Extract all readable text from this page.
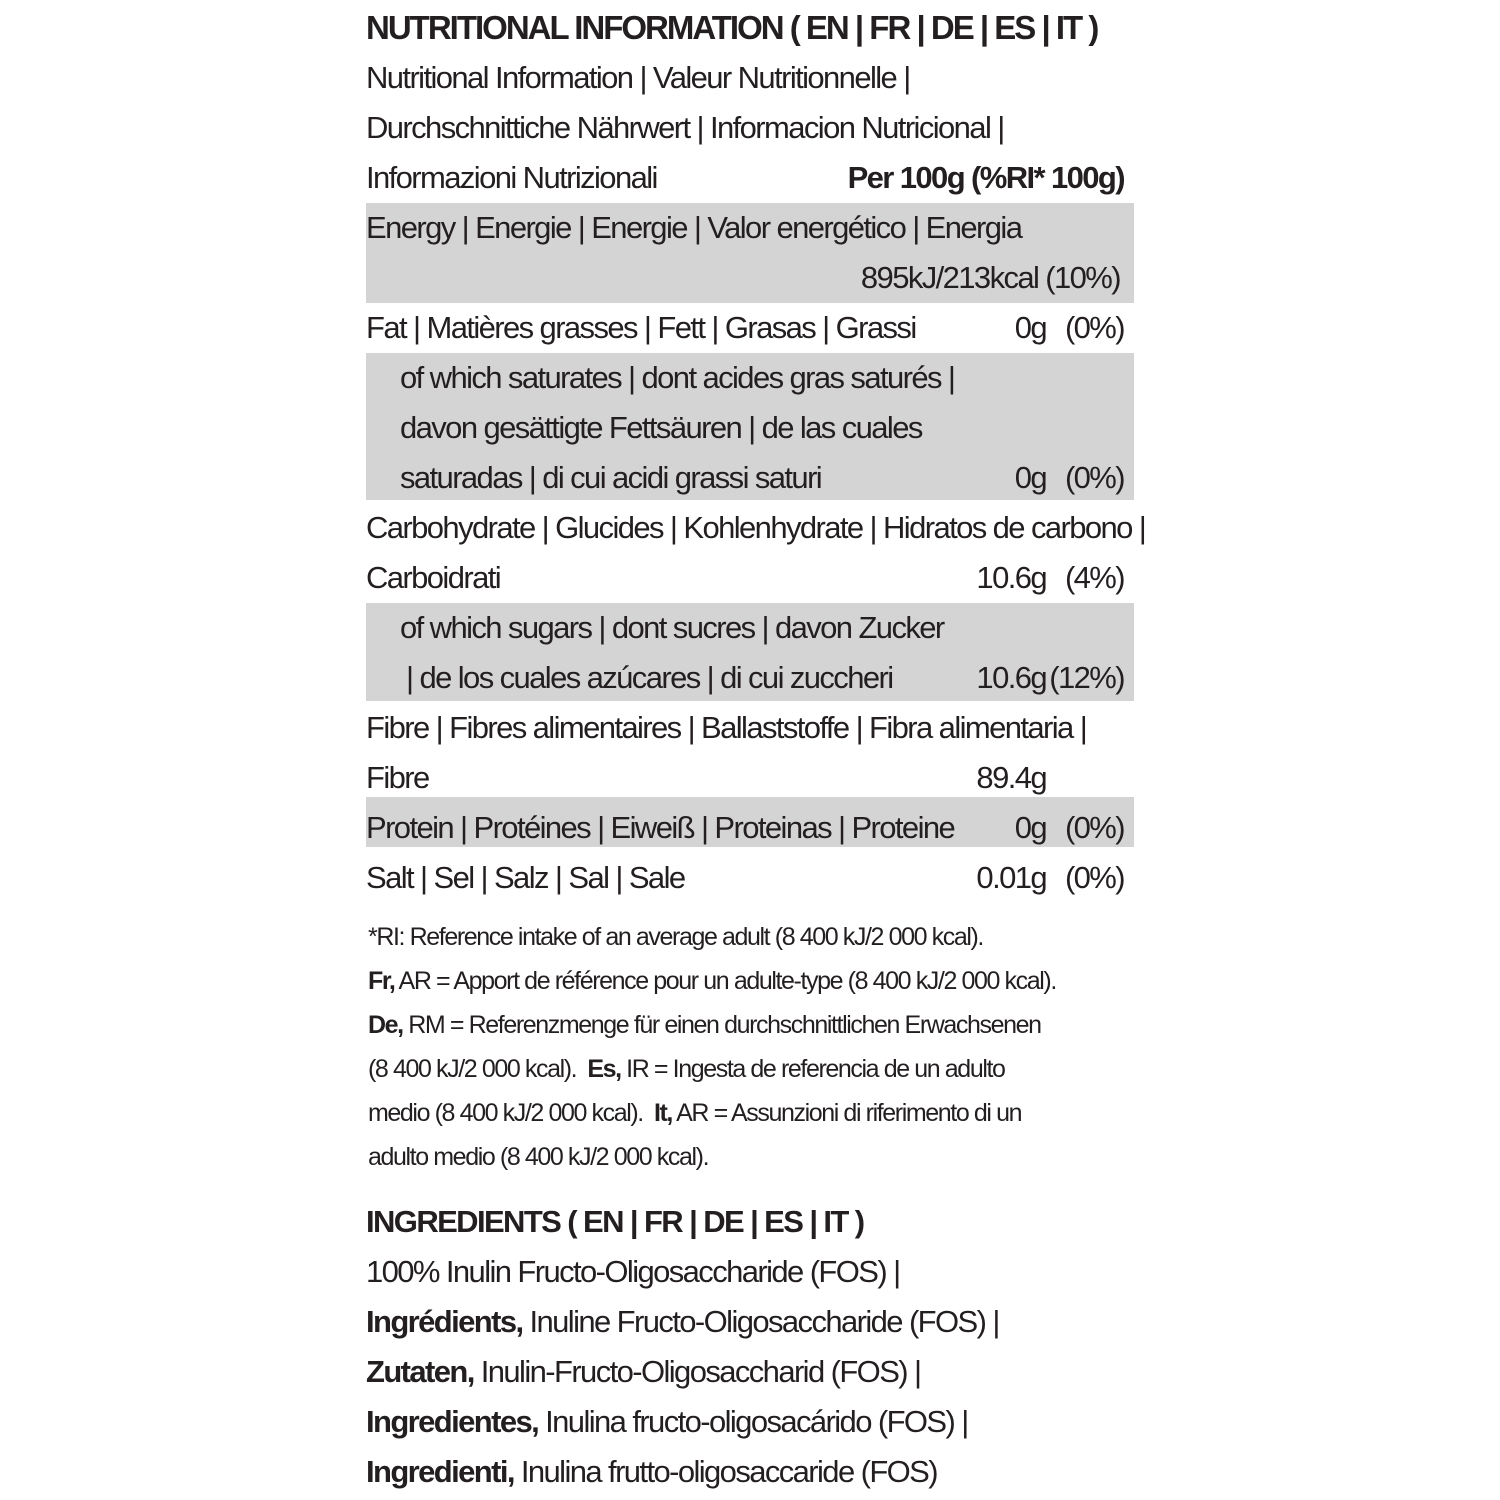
NUTRITIONAL INFORMATION ( EN | FR | DE | ES | IT )
Nutritional Information | Valeur Nutritionnelle |
Durchschnittiche Nährwert | Informacion Nutricional |
Informazioni Nutrizionali	Per 100g (%RI* 100g)
Energy | Energie | Energie | Valor energético | Energia
895kJ/213kcal (10%)
Fat | Matières grasses | Fett | Grasas | Grassi	0g (0%)
of which saturates | dont acides gras saturés |
davon gesättigte Fettsäuren | de las cuales
saturadas | di cui acidi grassi saturi	0g (0%)
Carbohydrate | Glucides | Kohlenhydrate | Hidratos de carbono |
Carboidrati	10.6g (4%)
of which sugars | dont sucres | davon Zucker
| de los cuales azúcares | di cui zuccheri	10.6g (12%)
Fibre | Fibres alimentaires | Ballaststoffe | Fibra alimentaria |
Fibre	89.4g
Protein | Protéines | Eiweiß | Proteinas | Proteine 0g (0%)
Salt | Sel | Salz | Sal | Sale	0.01g (0%)
*RI: Reference intake of an average adult (8 400 kJ/2 000 kcal).
Fr, AR = Apport de référence pour un adulte-type (8 400 kJ/2 000 kcal).
De, RM = Referenzmenge für einen durchschnittlichen Erwachsenen
(8 400 kJ/2 000 kcal). Es, IR = Ingesta de referencia de un adulto
medio (8 400 kJ/2 000 kcal). It, AR = Assunzioni di riferimento di un
adulto medio (8 400 kJ/2 000 kcal).
INGREDIENTS ( EN | FR | DE | ES | IT )
100% Inulin Fructo-Oligosaccharide (FOS) |
Ingrédients, Inuline Fructo-Oligosaccharide (FOS) |
Zutaten, Inulin-Fructo-Oligosaccharid (FOS) |
Ingredientes, Inulina fructo-oligosacárido (FOS) |
Ingredienti, Inulina frutto-oligosaccaride (FOS)
